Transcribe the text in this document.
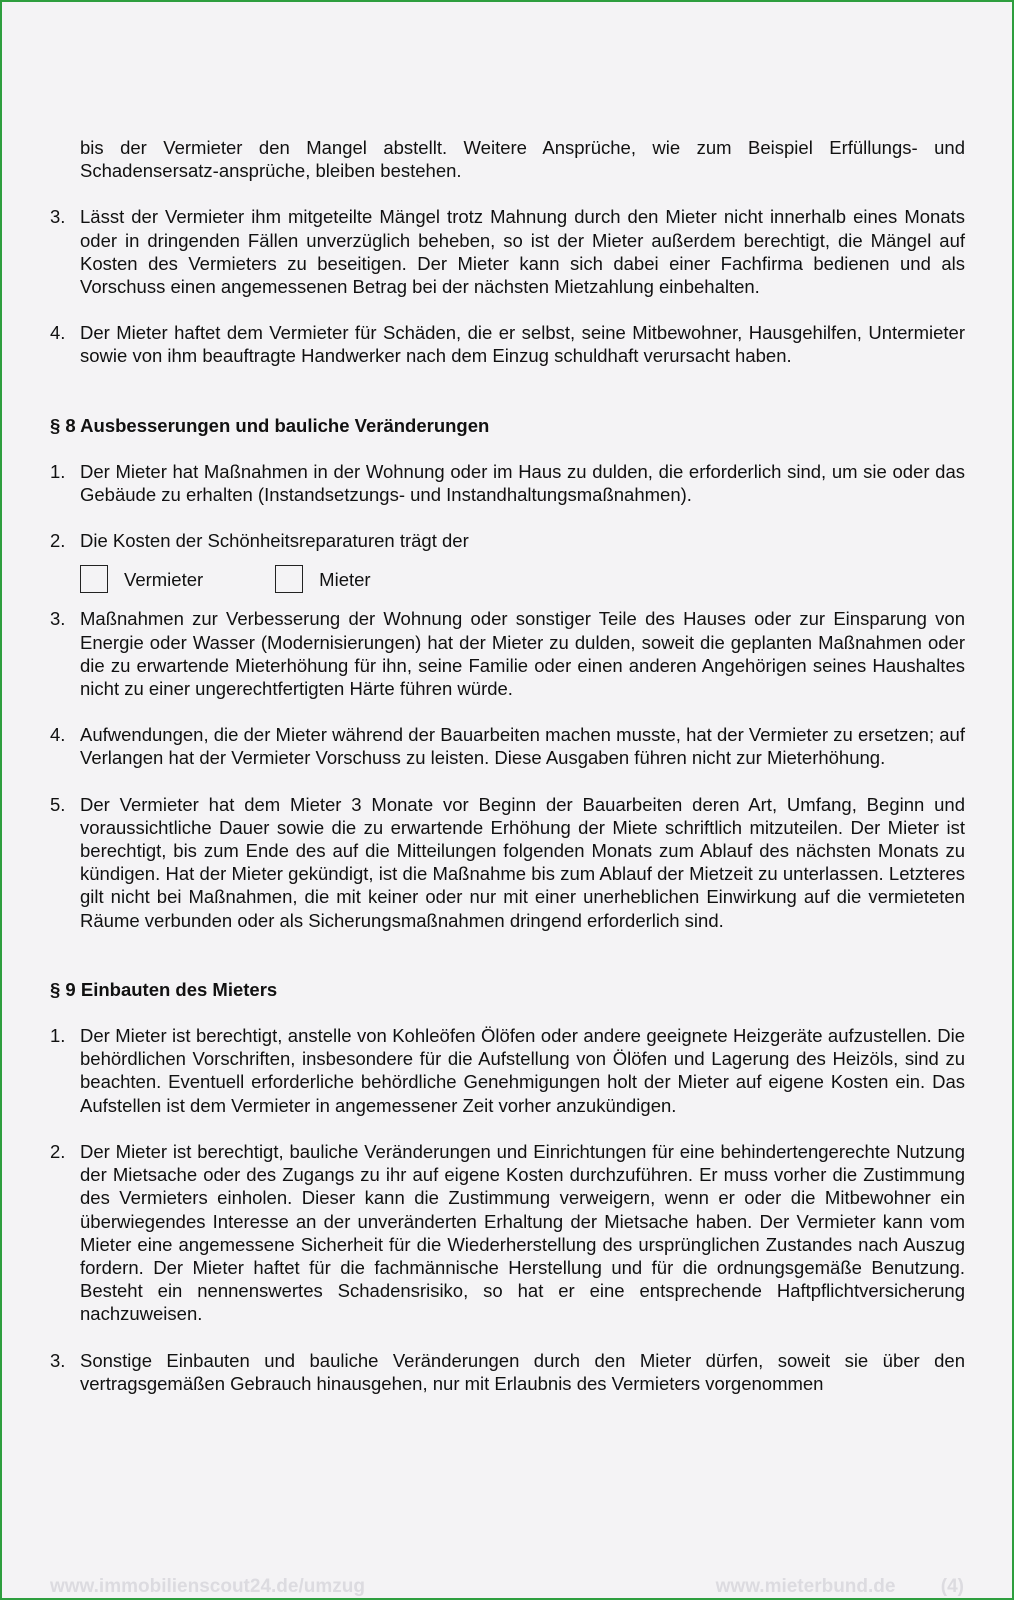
bis der Vermieter den Mangel abstellt. Weitere Ansprüche, wie zum Beispiel Erfüllungs- und Schadensersatz-ansprüche, bleiben bestehen.

3. Lässt der Vermieter ihm mitgeteilte Mängel trotz Mahnung durch den Mieter nicht innerhalb eines Monats oder in dringenden Fällen unverzüglich beheben, so ist der Mieter außerdem berechtigt, die Mängel auf Kosten des Vermieters zu beseitigen. Der Mieter kann sich dabei einer Fachfirma bedienen und als Vorschuss einen angemessenen Betrag bei der nächsten Mietzahlung einbehalten.
4. Der Mieter haftet dem Vermieter für Schäden, die er selbst, seine Mitbewohner, Hausgehilfen, Untermieter sowie von ihm beauftragte Handwerker nach dem Einzug schuldhaft verursacht haben.
§ 8 Ausbesserungen und bauliche Veränderungen
1. Der Mieter hat Maßnahmen in der Wohnung oder im Haus zu dulden, die erforderlich sind, um sie oder das Gebäude zu erhalten (Instandsetzungs- und Instandhaltungsmaßnahmen).
2. Die Kosten der Schönheitsreparaturen trägt der
Vermieter	Mieter
3. Maßnahmen zur Verbesserung der Wohnung oder sonstiger Teile des Hauses oder zur Einsparung von Energie oder Wasser (Modernisierungen) hat der Mieter zu dulden, soweit die geplanten Maßnahmen oder die zu erwartende Mieterhöhung für ihn, seine Familie oder einen anderen Angehörigen seines Haushaltes nicht zu einer ungerechtfertigten Härte führen würde.
4. Aufwendungen, die der Mieter während der Bauarbeiten machen musste, hat der Vermieter zu ersetzen; auf Verlangen hat der Vermieter Vorschuss zu leisten. Diese Ausgaben führen nicht zur Mieterhöhung.
5. Der Vermieter hat dem Mieter 3 Monate vor Beginn der Bauarbeiten deren Art, Umfang, Beginn und voraussichtliche Dauer sowie die zu erwartende Erhöhung der Miete schriftlich mitzuteilen. Der Mieter ist berechtigt, bis zum Ende des auf die Mitteilungen folgenden Monats zum Ablauf des nächsten Monats zu kündigen. Hat der Mieter gekündigt, ist die Maßnahme bis zum Ablauf der Mietzeit zu unterlassen. Letzteres gilt nicht bei Maßnahmen, die mit keiner oder nur mit einer unerheblichen Einwirkung auf die vermieteten Räume verbunden oder als Sicherungsmaßnahmen dringend erforderlich sind.
§ 9 Einbauten des Mieters
1. Der Mieter ist berechtigt, anstelle von Kohleöfen Ölöfen oder andere geeignete Heizgeräte aufzustellen. Die behördlichen Vorschriften, insbesondere für die Aufstellung von Ölöfen und Lagerung des Heizöls, sind zu beachten. Eventuell erforderliche behördliche Genehmigungen holt der Mieter auf eigene Kosten ein. Das Aufstellen ist dem Vermieter in angemessener Zeit vorher anzukündigen.
2. Der Mieter ist berechtigt, bauliche Veränderungen und Einrichtungen für eine behindertengerechte Nutzung der Mietsache oder des Zugangs zu ihr auf eigene Kosten durchzuführen. Er muss vorher die Zustimmung des Vermieters einholen. Dieser kann die Zustimmung verweigern, wenn er oder die Mitbewohner ein überwiegendes Interesse an der unveränderten Erhaltung der Mietsache haben. Der Vermieter kann vom Mieter eine angemessene Sicherheit für die Wiederherstellung des ursprünglichen Zustandes nach Auszug fordern. Der Mieter haftet für die fachmännische Herstellung und für die ordnungsgemäße Benutzung. Besteht ein nennenswertes Schadensrisiko, so hat er eine entsprechende Haftpflichtversicherung nachzuweisen.
3. Sonstige Einbauten und bauliche Veränderungen durch den Mieter dürfen, soweit sie über den vertragsgemäßen Gebrauch hinausgehen, nur mit Erlaubnis des Vermieters vorgenommen
www.immobilienscout24.de/umzug	www.mieterbund.de (4)
